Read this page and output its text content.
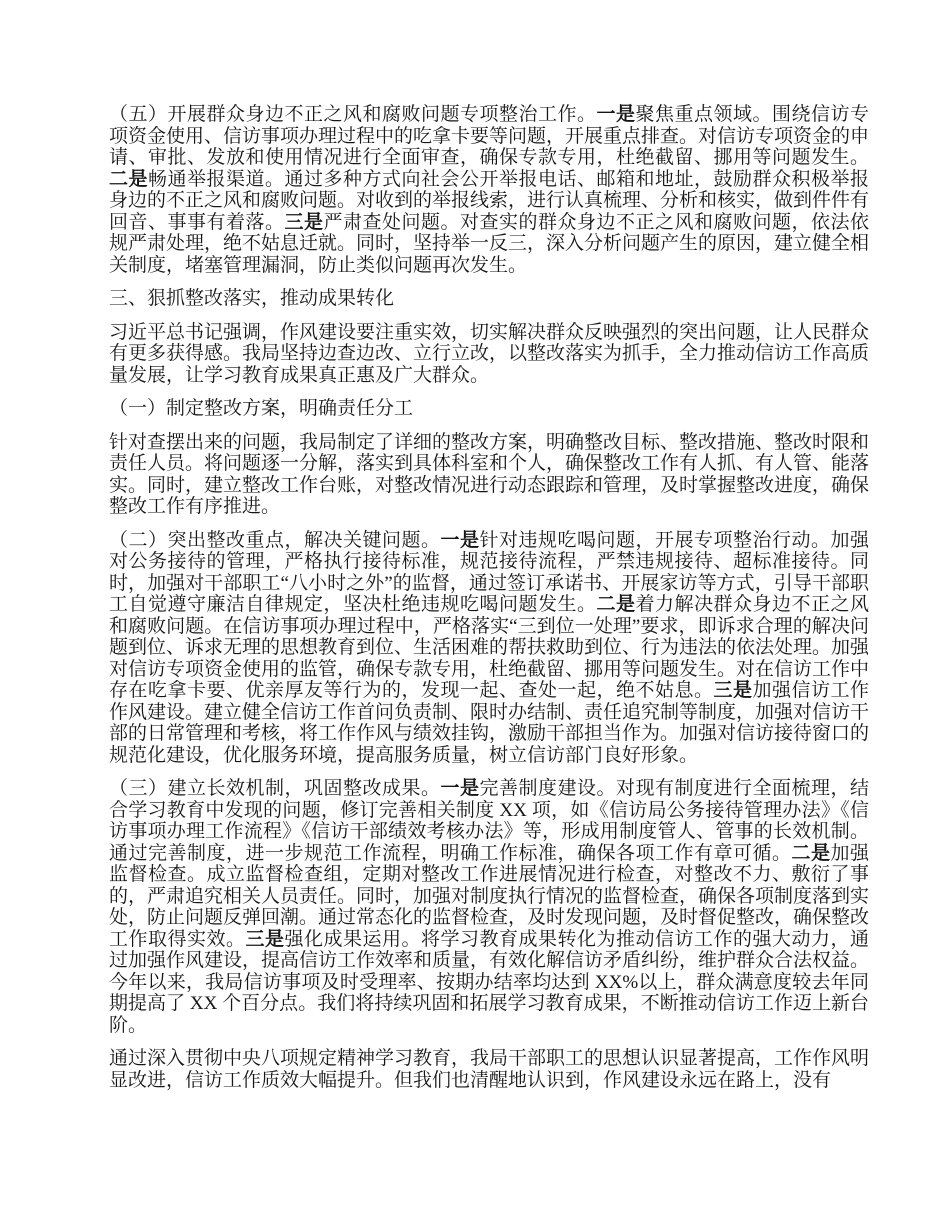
（五）开展群众身边不正之风和腐败问题专项整治工作。一是聚焦重点领域。围绕信访专项资金使用、信访事项办理过程中的吃拿卡要等问题，开展重点排查。对信访专项资金的申请、审批、发放和使用情况进行全面审查，确保专款专用，杜绝截留、挪用等问题发生。二是畅通举报渠道。通过多种方式向社会公开举报电话、邮箱和地址，鼓励群众积极举报身边的不正之风和腐败问题。对收到的举报线索，进行认真梳理、分析和核实，做到件件有回音、事事有着落。三是严肃查处问题。对查实的群众身边不正之风和腐败问题，依法依规严肃处理，绝不姑息迁就。同时，坚持举一反三，深入分析问题产生的原因，建立健全相关制度，堵塞管理漏洞，防止类似问题再次发生。

三、狠抓整改落实，推动成果转化

习近平总书记强调，作风建设要注重实效，切实解决群众反映强烈的突出问题，让人民群众有更多获得感。我局坚持边查边改、立行立改，以整改落实为抓手，全力推动信访工作高质量发展，让学习教育成果真正惠及广大群众。

（一）制定整改方案，明确责任分工

针对查摆出来的问题，我局制定了详细的整改方案，明确整改目标、整改措施、整改时限和责任人员。将问题逐一分解，落实到具体科室和个人，确保整改工作有人抓、有人管、能落实。同时，建立整改工作台账，对整改情况进行动态跟踪和管理，及时掌握整改进度，确保整改工作有序推进。

（二）突出整改重点，解决关键问题。一是针对违规吃喝问题，开展专项整治行动。加强对公务接待的管理，严格执行接待标准，规范接待流程，严禁违规接待、超标准接待。同时，加强对干部职工“八小时之外”的监督，通过签订承诺书、开展家访等方式，引导干部职工自觉遵守廉洁自律规定，坚决杜绝违规吃喝问题发生。二是着力解决群众身边不正之风和腐败问题。在信访事项办理过程中，严格落实“三到位一处理”要求，即诉求合理的解决问题到位、诉求无理的思想教育到位、生活困难的帮扶救助到位、行为违法的依法处理。加强对信访专项资金使用的监管，确保专款专用，杜绝截留、挪用等问题发生。对在信访工作中存在吃拿卡要、优亲厚友等行为的，发现一起、查处一起，绝不姑息。三是加强信访工作作风建设。建立健全信访工作首问负责制、限时办结制、责任追究制等制度，加强对信访干部的日常管理和考核，将工作作风与绩效挂钩，激励干部担当作为。加强对信访接待窗口的规范化建设，优化服务环境，提高服务质量，树立信访部门良好形象。

（三）建立长效机制，巩固整改成果。一是完善制度建设。对现有制度进行全面梳理，结合学习教育中发现的问题，修订完善相关制度 XX 项，如《信访局公务接待管理办法》《信访事项办理工作流程》《信访干部绩效考核办法》等，形成用制度管人、管事的长效机制。通过完善制度，进一步规范工作流程，明确工作标准，确保各项工作有章可循。二是加强监督检查。成立监督检查组，定期对整改工作进展情况进行检查，对整改不力、敷衍了事的，严肃追究相关人员责任。同时，加强对制度执行情况的监督检查，确保各项制度落到实处，防止问题反弹回潮。通过常态化的监督检查，及时发现问题，及时督促整改，确保整改工作取得实效。三是强化成果运用。将学习教育成果转化为推动信访工作的强大动力，通过加强作风建设，提高信访工作效率和质量，有效化解信访矛盾纠纷，维护群众合法权益。今年以来，我局信访事项及时受理率、按期办结率均达到 XX%以上，群众满意度较去年同期提高了 XX 个百分点。我们将持续巩固和拓展学习教育成果，不断推动信访工作迈上新台阶。

通过深入贯彻中央八项规定精神学习教育，我局干部职工的思想认识显著提高，工作作风明显改进，信访工作质效大幅提升。但我们也清醒地认识到，作风建设永远在路上，没有
